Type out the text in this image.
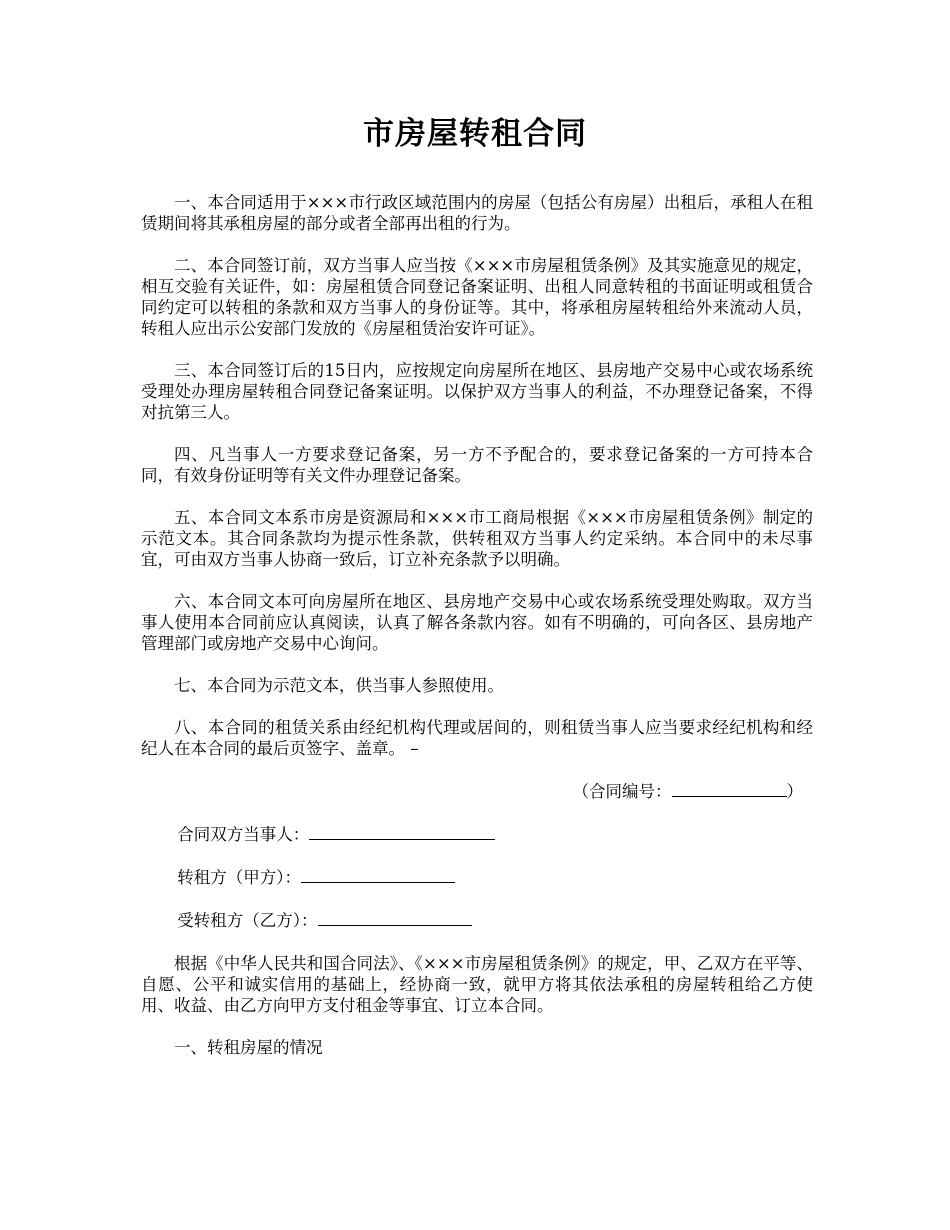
市房屋转租合同

一、本合同适用于×××市行政区域范围内的房屋（包括公有房屋）出租后，承租人在租赁期间将其承租房屋的部分或者全部再出租的行为。

二、本合同签订前，双方当事人应当按《×××市房屋租赁条例》及其实施意见的规定，相互交验有关证件，如：房屋租赁合同登记备案证明、出租人同意转租的书面证明或租赁合同约定可以转租的条款和双方当事人的身份证等。其中，将承租房屋转租给外来流动人员，转租人应出示公安部门发放的《房屋租赁治安许可证》。

三、本合同签订后的15日内，应按规定向房屋所在地区、县房地产交易中心或农场系统受理处办理房屋转租合同登记备案证明。以保护双方当事人的利益，不办理登记备案，不得对抗第三人。

四、凡当事人一方要求登记备案，另一方不予配合的，要求登记备案的一方可持本合同，有效身份证明等有关文件办理登记备案。

五、本合同文本系市房是资源局和×××市工商局根据《×××市房屋租赁条例》制定的示范文本。其合同条款均为提示性条款，供转租双方当事人约定采纳。本合同中的未尽事宜，可由双方当事人协商一致后，订立补充条款予以明确。

六、本合同文本可向房屋所在地区、县房地产交易中心或农场系统受理处购取。双方当事人使用本合同前应认真阅读，认真了解各条款内容。如有不明确的，可向各区、县房地产管理部门或房地产交易中心询问。

七、本合同为示范文本，供当事人参照使用。

八、本合同的租赁关系由经纪机构代理或居间的，则租赁当事人应当要求经纪机构和经纪人在本合同的最后页签字、盖章。 –

（合同编号：	）
合同双方当事人：
转租方（甲方）：
受转租方（乙方）：

根据《中华人民共和国合同法》、《×××市房屋租赁条例》的规定，甲、乙双方在平等、自愿、公平和诚实信用的基础上，经协商一致，就甲方将其依法承租的房屋转租给乙方使用、收益、由乙方向甲方支付租金等事宜、订立本合同。

一、转租房屋的情况
